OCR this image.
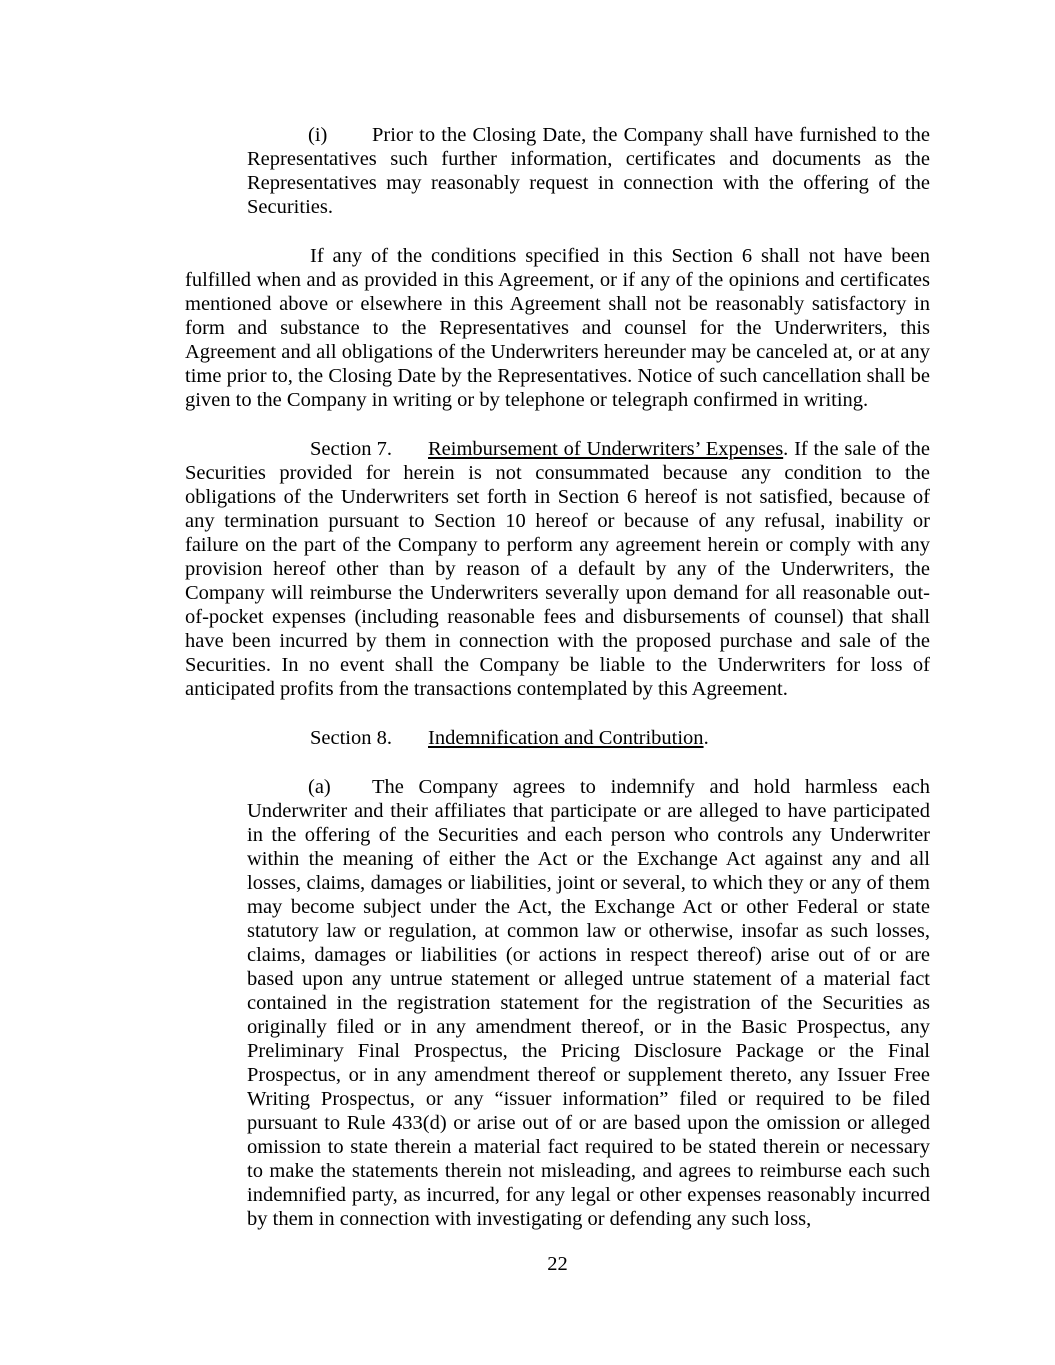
(i) Prior to the Closing Date, the Company shall have furnished to the Representatives such further information, certificates and documents as the Representatives may reasonably request in connection with the offering of the Securities.

If any of the conditions specified in this Section 6 shall not have been fulfilled when and as provided in this Agreement, or if any of the opinions and certificates mentioned above or elsewhere in this Agreement shall not be reasonably satisfactory in form and substance to the Representatives and counsel for the Underwriters, this Agreement and all obligations of the Underwriters hereunder may be canceled at, or at any time prior to, the Closing Date by the Representatives. Notice of such cancellation shall be given to the Company in writing or by telephone or telegraph confirmed in writing.

Section 7. Reimbursement of Underwriters’ Expenses. If the sale of the Securities provided for herein is not consummated because any condition to the obligations of the Underwriters set forth in Section 6 hereof is not satisfied, because of any termination pursuant to Section 10 hereof or because of any refusal, inability or failure on the part of the Company to perform any agreement herein or comply with any provision hereof other than by reason of a default by any of the Underwriters, the Company will reimburse the Underwriters severally upon demand for all reasonable out-of-pocket expenses (including reasonable fees and disbursements of counsel) that shall have been incurred by them in connection with the proposed purchase and sale of the Securities. In no event shall the Company be liable to the Underwriters for loss of anticipated profits from the transactions contemplated by this Agreement.

Section 8. Indemnification and Contribution.

(a) The Company agrees to indemnify and hold harmless each Underwriter and their affiliates that participate or are alleged to have participated in the offering of the Securities and each person who controls any Underwriter within the meaning of either the Act or the Exchange Act against any and all losses, claims, damages or liabilities, joint or several, to which they or any of them may become subject under the Act, the Exchange Act or other Federal or state statutory law or regulation, at common law or otherwise, insofar as such losses, claims, damages or liabilities (or actions in respect thereof) arise out of or are based upon any untrue statement or alleged untrue statement of a material fact contained in the registration statement for the registration of the Securities as originally filed or in any amendment thereof, or in the Basic Prospectus, any Preliminary Final Prospectus, the Pricing Disclosure Package or the Final Prospectus, or in any amendment thereof or supplement thereto, any Issuer Free Writing Prospectus, or any “issuer information” filed or required to be filed pursuant to Rule 433(d) or arise out of or are based upon the omission or alleged omission to state therein a material fact required to be stated therein or necessary to make the statements therein not misleading, and agrees to reimburse each such indemnified party, as incurred, for any legal or other expenses reasonably incurred by them in connection with investigating or defending any such loss,

22
